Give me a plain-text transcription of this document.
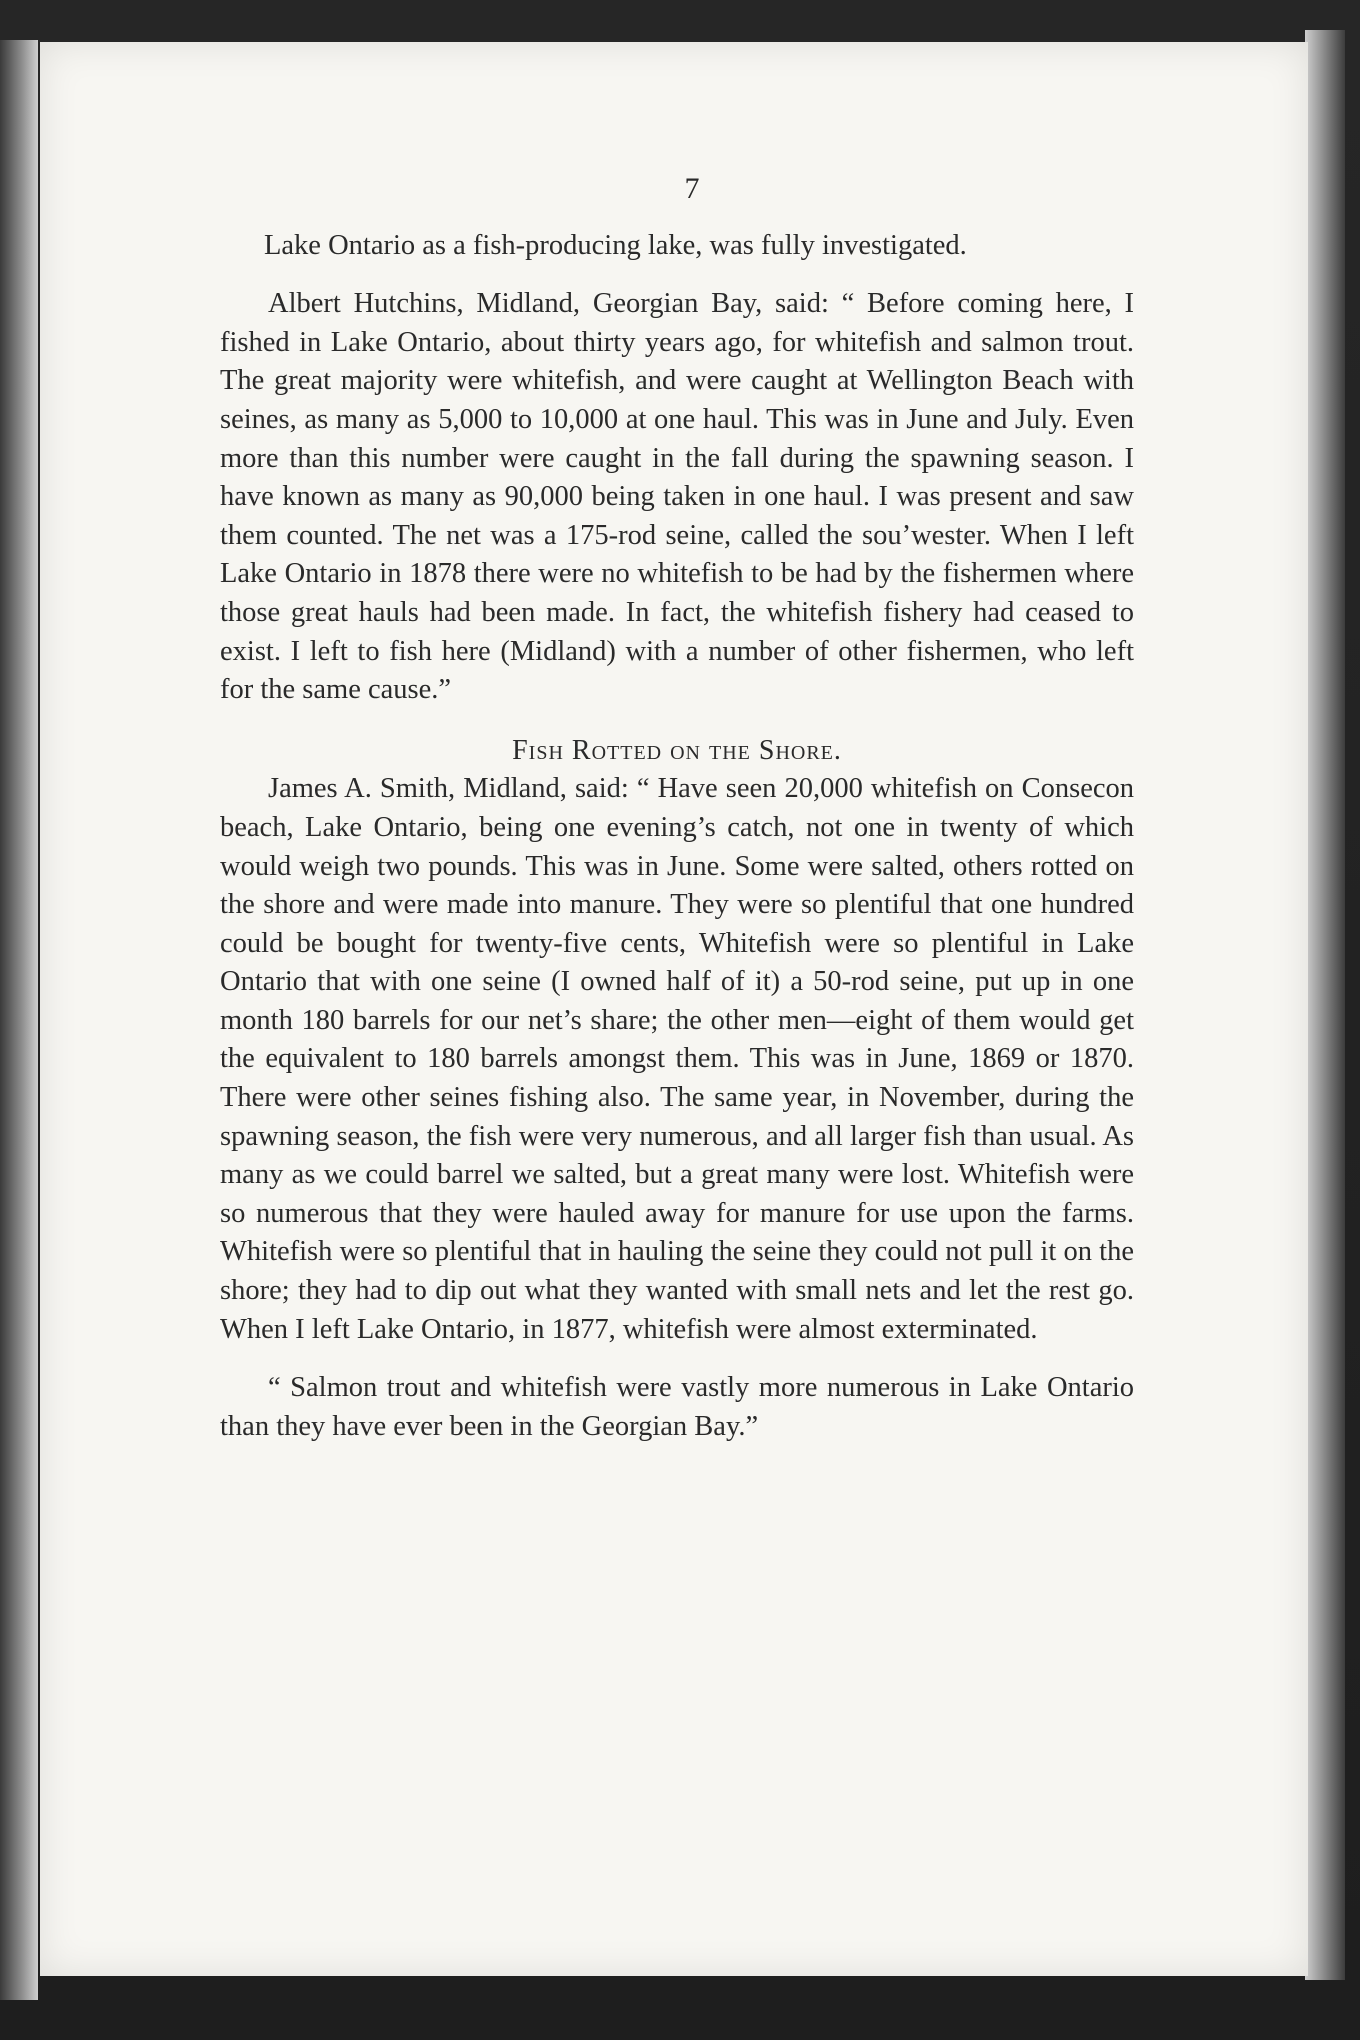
7

Lake Ontario as a fish-producing lake, was fully investigated.

Albert Hutchins, Midland, Georgian Bay, said: “ Before coming here, I fished in Lake Ontario, about thirty years ago, for whitefish and salmon trout. The great majority were whitefish, and were caught at Wellington Beach with seines, as many as 5,000 to 10,000 at one haul. This was in June and July. Even more than this number were caught in the fall during the spawning season. I have known as many as 90,000 being taken in one haul. I was present and saw them counted. The net was a 175-rod seine, called the sou’wester. When I left Lake Ontario in 1878 there were no whitefish to be had by the fishermen where those great hauls had been made. In fact, the whitefish fishery had ceased to exist. I left to fish here (Midland) with a number of other fishermen, who left for the same cause.”

Fish Rotted on the Shore.

James A. Smith, Midland, said: “ Have seen 20,000 whitefish on Consecon beach, Lake Ontario, being one evening’s catch, not one in twenty of which would weigh two pounds. This was in June. Some were salted, others rotted on the shore and were made into manure. They were so plentiful that one hundred could be bought for twenty-five cents, Whitefish were so plentiful in Lake Ontario that with one seine (I owned half of it) a 50-rod seine, put up in one month 180 barrels for our net’s share; the other men—eight of them would get the equivalent to 180 barrels amongst them. This was in June, 1869 or 1870. There were other seines fishing also. The same year, in November, during the spawning season, the fish were very numerous, and all larger fish than usual. As many as we could barrel we salted, but a great many were lost. Whitefish were so numerous that they were hauled away for manure for use upon the farms. Whitefish were so plentiful that in hauling the seine they could not pull it on the shore; they had to dip out what they wanted with small nets and let the rest go. When I left Lake Ontario, in 1877, whitefish were almost exterminated.

“ Salmon trout and whitefish were vastly more numerous in Lake Ontario than they have ever been in the Georgian Bay.”
